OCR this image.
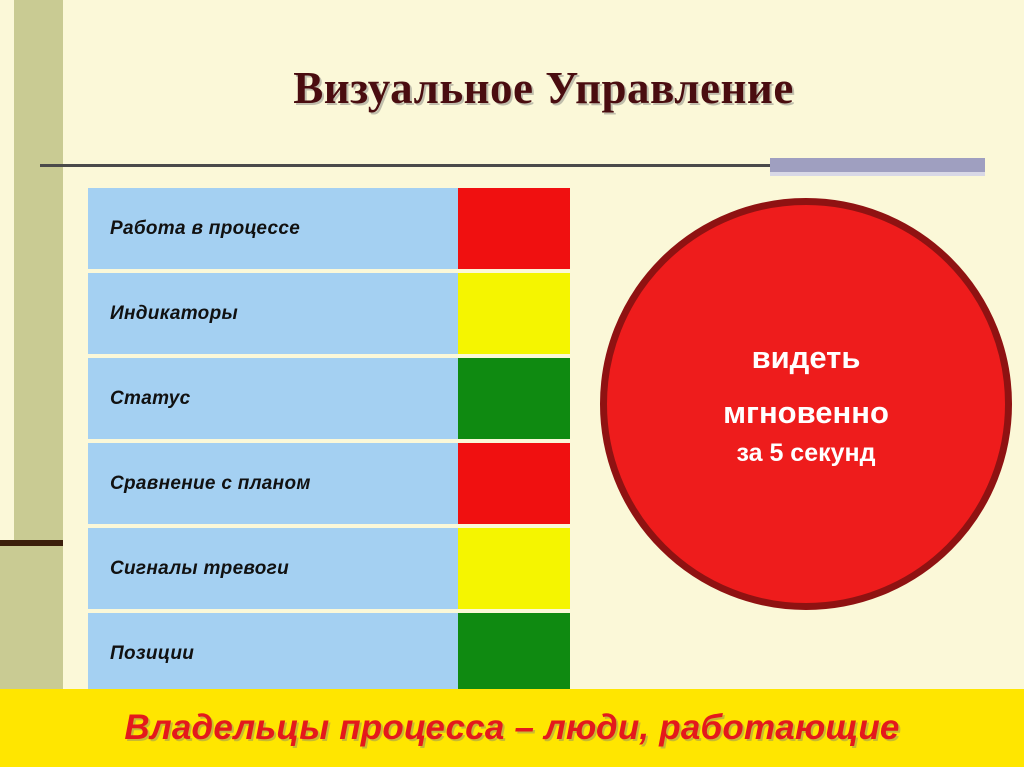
Визуальное Управление
Работа в процессе
Индикаторы
Статус
Сравнение с планом
Сигналы тревоги
Позиции
видеть
мгновенно
за 5 секунд
Владельцы процесса – люди, работающие
